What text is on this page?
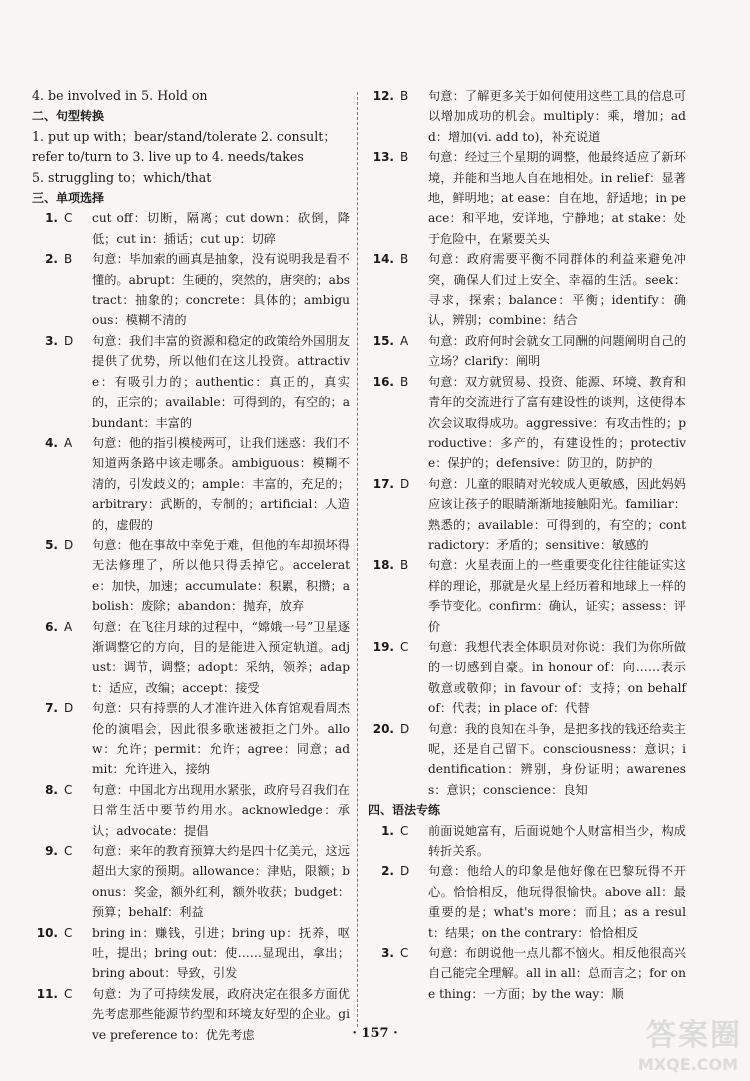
4. be involved in 5. Hold on
二、句型转换
1. put up with；bear/stand/tolerate 2. consult；
refer to/turn to 3. live up to 4. needs/takes
5. struggling to；which/that
三、单项选择
1. C	cut off：切断，隔离；cut down：砍倒，降低；cut in：插话；cut up：切碎
2. B	句意：毕加索的画真是抽象，没有说明我是看不懂的。abrupt：生硬的，突然的，唐突的；abstract：抽象的；concrete：具体的；ambiguous：模糊不清的
3. D	句意：我们丰富的资源和稳定的政策给外国朋友提供了优势，所以他们在这儿投资。attractive：有吸引力的；authentic：真正的，真实的，正宗的；available：可得到的，有空的；abundant：丰富的
4. A	句意：他的指引模棱两可，让我们迷惑：我们不知道两条路中该走哪条。ambiguous：模糊不清的，引发歧义的；ample：丰富的，充足的；arbitrary：武断的，专制的；artificial：人造的，虚假的
5. D	句意：他在事故中幸免于难，但他的车却损坏得无法修理了，所以他只得丢掉它。accelerate：加快，加速；accumulate：积累，积攒；abolish：废除；abandon：抛弃，放弃
6. A	句意：在飞往月球的过程中，“嫦娥一号”卫星逐渐调整它的方向，目的是能进入预定轨道。adjust：调节，调整；adopt：采纳，领养；adapt：适应，改编；accept：接受
7. D	句意：只有持票的人才准许进入体育馆观看周杰伦的演唱会，因此很多歌迷被拒之门外。allow：允许；permit：允许；agree：同意；admit：允许进入，接纳
8. C	句意：中国北方出现用水紧张，政府号召我们在日常生活中要节约用水。acknowledge：承认；advocate：提倡
9. C	句意：来年的教育预算大约是四十亿美元，这远超出大家的预期。allowance：津贴，限额；bonus：奖金，额外红利，额外收获；budget：预算；behalf：利益
10. C	bring in：赚钱，引进；bring up：抚养，呕吐，提出；bring out：使……显现出，拿出；bring about：导致，引发
11. C	句意：为了可持续发展，政府决定在很多方面优先考虑那些能源节约型和环境友好型的企业。give preference to：优先考虑
12. B	句意：了解更多关于如何使用这些工具的信息可以增加成功的机会。multiply：乘，增加；add：增加(vi. add to)，补充说道
13. B	句意：经过三个星期的调整，他最终适应了新环境，并能和当地人自在地相处。in relief：显著地，鲜明地；at ease：自在地，舒适地；in peace：和平地，安详地，宁静地；at stake：处于危险中，在紧要关头
14. B	句意：政府需要平衡不同群体的利益来避免冲突，确保人们过上安全、幸福的生活。seek：寻求，探索；balance：平衡；identify：确认，辨别；combine：结合
15. A	句意：政府何时会就女工同酬的问题阐明自己的立场？clarify：阐明
16. B	句意：双方就贸易、投资、能源、环境、教育和青年的交流进行了富有建设性的谈判，这使得本次会议取得成功。aggressive：有攻击性的；productive：多产的，有建设性的；protective：保护的；defensive：防卫的，防护的
17. D	句意：儿童的眼睛对光较成人更敏感，因此妈妈应该让孩子的眼睛渐渐地接触阳光。familiar：熟悉的；available：可得到的，有空的；contradictory：矛盾的；sensitive：敏感的
18. B	句意：火星表面上的一些重要变化往往能证实这样的理论，那就是火星上经历着和地球上一样的季节变化。confirm：确认，证实；assess：评价
19. C	句意：我想代表全体职员对你说：我们为你所做的一切感到自豪。in honour of：向……表示敬意或敬仰；in favour of：支持；on behalf of：代表；in place of：代替
20. D	句意：我的良知在斗争，是把多找的钱还给卖主呢，还是自己留下。consciousness：意识；identification：辨别，身份证明；awareness：意识；conscience：良知
四、语法专练
1. C	前面说她富有，后面说她个人财富相当少，构成转折关系。
2. D	句意：他给人的印象是他好像在巴黎玩得不开心。恰恰相反，他玩得很愉快。above all：最重要的是；what's more：而且；as a result：结果；on the contrary：恰恰相反
3. C	句意：布朗说他一点儿都不恼火。相反他很高兴自己能完全理解。all in all：总而言之；for one thing：一方面；by the way：顺
· 157 ·	答案圈
MXQE.COM
